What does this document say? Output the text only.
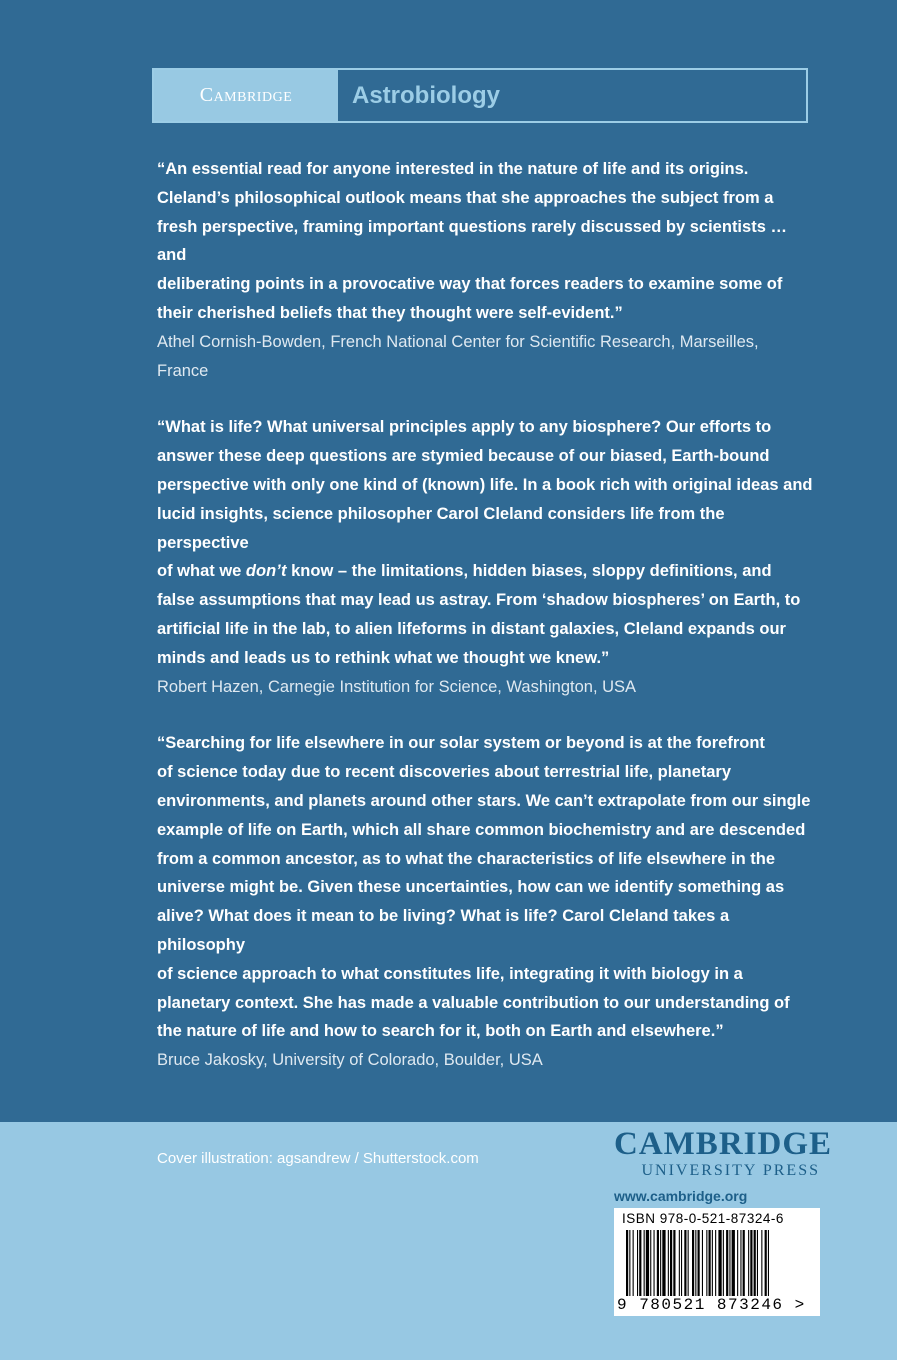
Cambridge	Astrobiology

“An essential read for anyone interested in the nature of life and its origins.
Cleland’s philosophical outlook means that she approaches the subject from a
fresh perspective, framing important questions rarely discussed by scientists … and
deliberating points in a provocative way that forces readers to examine some of
their cherished beliefs that they thought were self-evident.”

Athel Cornish-Bowden, French National Center for Scientific Research, Marseilles,
France

“What is life? What universal principles apply to any biosphere? Our efforts to
answer these deep questions are stymied because of our biased, Earth-bound
perspective with only one kind of (known) life. In a book rich with original ideas and
lucid insights, science philosopher Carol Cleland considers life from the perspective
of what we don’t know – the limitations, hidden biases, sloppy definitions, and
false assumptions that may lead us astray. From ‘shadow biospheres’ on Earth, to
artificial life in the lab, to alien lifeforms in distant galaxies, Cleland expands our
minds and leads us to rethink what we thought we knew.”

Robert Hazen, Carnegie Institution for Science, Washington, USA

“Searching for life elsewhere in our solar system or beyond is at the forefront
of science today due to recent discoveries about terrestrial life, planetary
environments, and planets around other stars. We can’t extrapolate from our single
example of life on Earth, which all share common biochemistry and are descended
from a common ancestor, as to what the characteristics of life elsewhere in the
universe might be. Given these uncertainties, how can we identify something as
alive? What does it mean to be living? What is life? Carol Cleland takes a philosophy
of science approach to what constitutes life, integrating it with biology in a
planetary context. She has made a valuable contribution to our understanding of
the nature of life and how to search for it, both on Earth and elsewhere.”

Bruce Jakosky, University of Colorado, Boulder, USA

Cover illustration: agsandrew / Shutterstock.com	CAMBRIDGE
UNIVERSITY PRESS
www.cambridge.org
ISBN 978-0-521-87324-6
9 780521 873246 >
